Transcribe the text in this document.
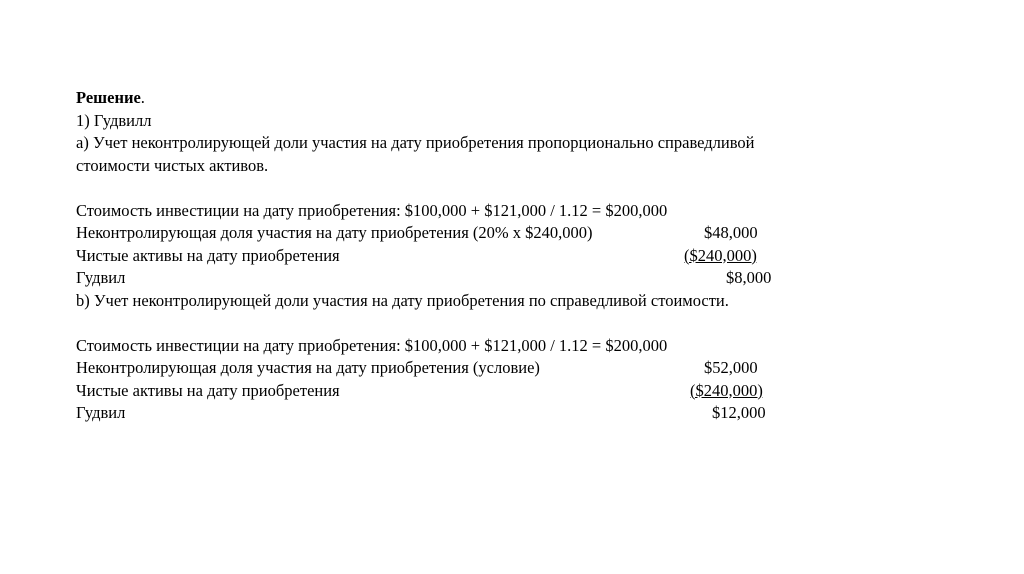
Решение.
1) Гудвилл
a) Учет неконтролирующей доли участия на дату приобретения пропорционально справедливой
стоимости чистых активов.
Стоимость инвестиции на дату приобретения: $100,000 + $121,000 / 1.12 = $200,000
Неконтролирующая доля участия на дату приобретения (20% х $240,000)	$48,000
Чистые активы на дату приобретения	($240,000)
Гудвил	$8,000
b) Учет неконтролирующей доли участия на дату приобретения по справедливой стоимости.
Стоимость инвестиции на дату приобретения: $100,000 + $121,000 / 1.12 = $200,000
Неконтролирующая доля участия на дату приобретения (условие)	$52,000
Чистые активы на дату приобретения	($240,000)
Гудвил	$12,000
